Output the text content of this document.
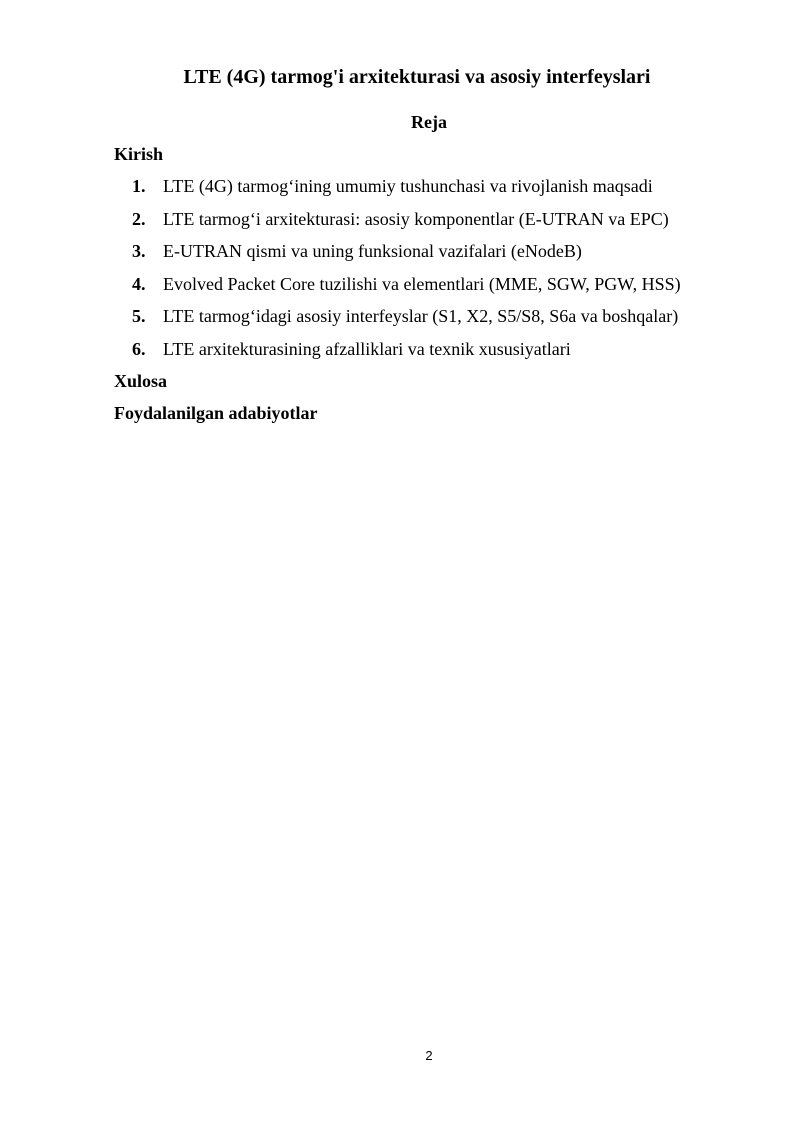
LTE (4G) tarmog'i arxitekturasi va asosiy interfeyslari
Reja
Kirish
1. LTE (4G) tarmog‘ining umumiy tushunchasi va rivojlanish maqsadi
2. LTE tarmog‘i arxitekturasi: asosiy komponentlar (E-UTRAN va EPC)
3. E-UTRAN qismi va uning funksional vazifalari (eNodeB)
4. Evolved Packet Core tuzilishi va elementlari (MME, SGW, PGW, HSS)
5. LTE tarmog‘idagi asosiy interfeyslar (S1, X2, S5/S8, S6a va boshqalar)
6. LTE arxitekturasining afzalliklari va texnik xususiyatlari
Xulosa
Foydalanilgan adabiyotlar
2
